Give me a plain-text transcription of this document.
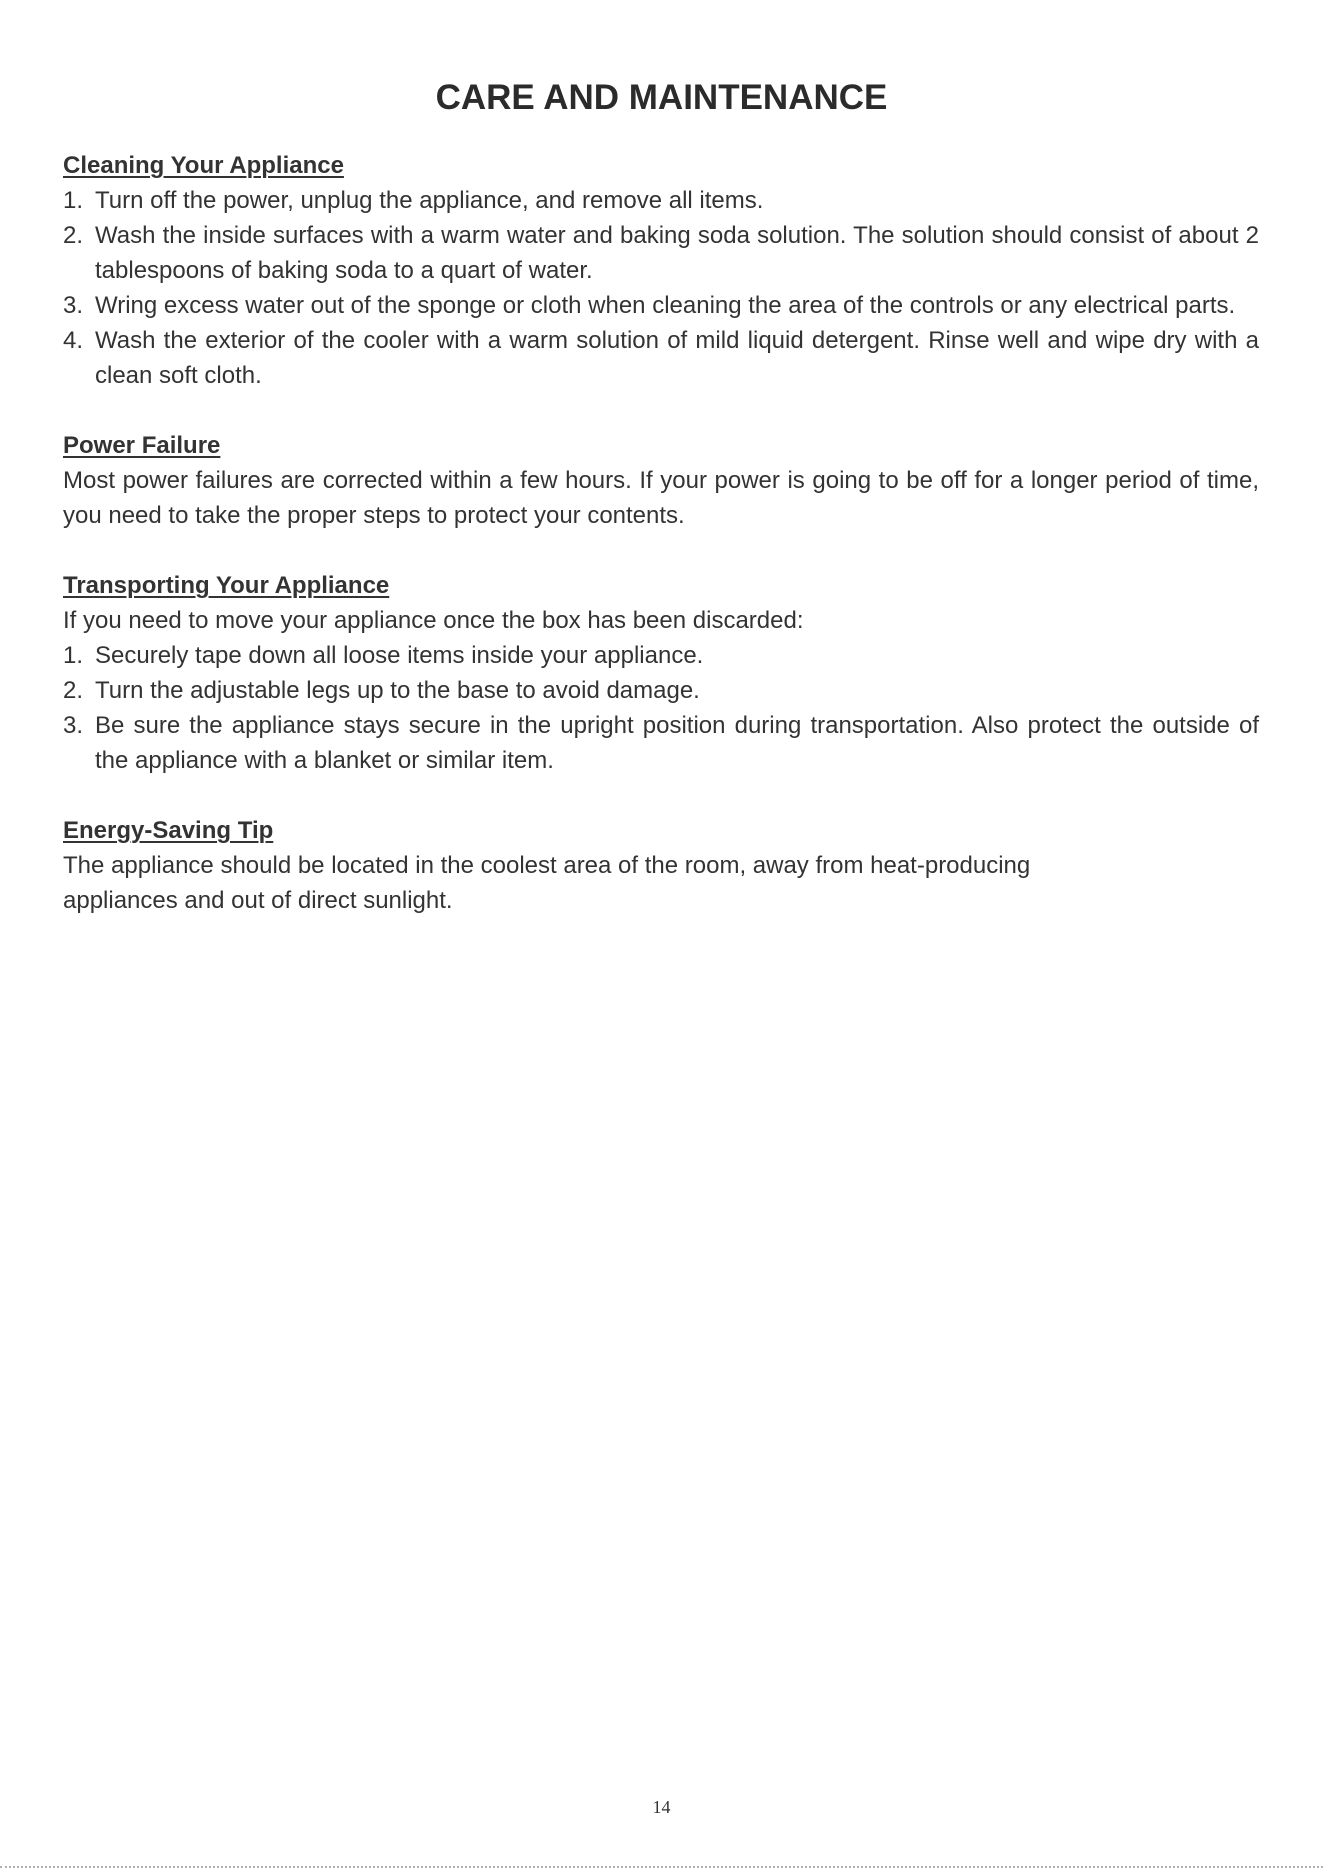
CARE AND MAINTENANCE
Cleaning Your Appliance
1. Turn off the power, unplug the appliance, and remove all items.
2. Wash the inside surfaces with a warm water and baking soda solution. The solution should consist of about 2 tablespoons of baking soda to a quart of water.
3. Wring excess water out of the sponge or cloth when cleaning the area of the controls or any electrical parts.
4. Wash the exterior of the cooler with a warm solution of mild liquid detergent. Rinse well and wipe dry with a clean soft cloth.
Power Failure
Most power failures are corrected within a few hours. If your power is going to be off for a longer period of time, you need to take the proper steps to protect your contents.
Transporting Your Appliance
If you need to move your appliance once the box has been discarded:
1. Securely tape down all loose items inside your appliance.
2. Turn the adjustable legs up to the base to avoid damage.
3. Be sure the appliance stays secure in the upright position during transportation. Also protect the outside of the appliance with a blanket or similar item.
Energy-Saving Tip
The appliance should be located in the coolest area of the room, away from heat-producing
appliances and out of direct sunlight.
14
